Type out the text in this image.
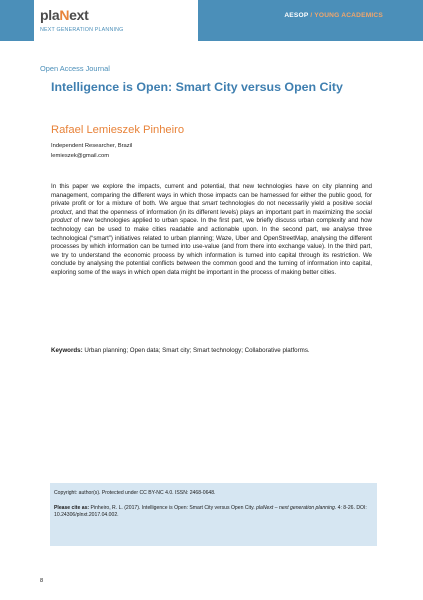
plaNext
NEXT GENERATION PLANNING
AESOP / YOUNG ACADEMICS
Open Access Journal
Intelligence is Open: Smart City versus Open City
Rafael Lemieszek Pinheiro
Independent Researcher, Brazil
lemieszek@gmail.com

In this paper we explore the impacts, current and potential, that new technologies have on city planning and management, comparing the different ways in which those impacts can be harnessed for either the public good, for private profit or for a mixture of both. We argue that smart technologies do not necessarily yield a positive social product, and that the openness of information (in its different levels) plays an important part in maximizing the social product of new technologies applied to urban space. In the first part, we briefly discuss urban complexity and how technology can be used to make cities readable and actionable upon. In the second part, we analyse three technological (“smart”) initiatives related to urban planning; Waze, Uber and OpenStreetMap, analysing the different processes by which information can be turned into use-value (and from there into exchange value). In the third part, we try to understand the economic process by which information is turned into capital through its restriction. We conclude by analysing the potential conflicts between the common good and the turning of information into capital, exploring some of the ways in which open data might be important in the process of making better cities.

Keywords: Urban planning; Open data; Smart city; Smart technology; Collaborative platforms.

Copyright: author(s). Protected under CC BY-NC 4.0. ISSN: 2468-0648.

Please cite as: Pinheiro, R. L. (2017). Intelligence is Open: Smart City versus Open City. plaNext – next generation planning. 4: 8-26. DOI: 10.24306/plnxt.2017.04.002.

8
